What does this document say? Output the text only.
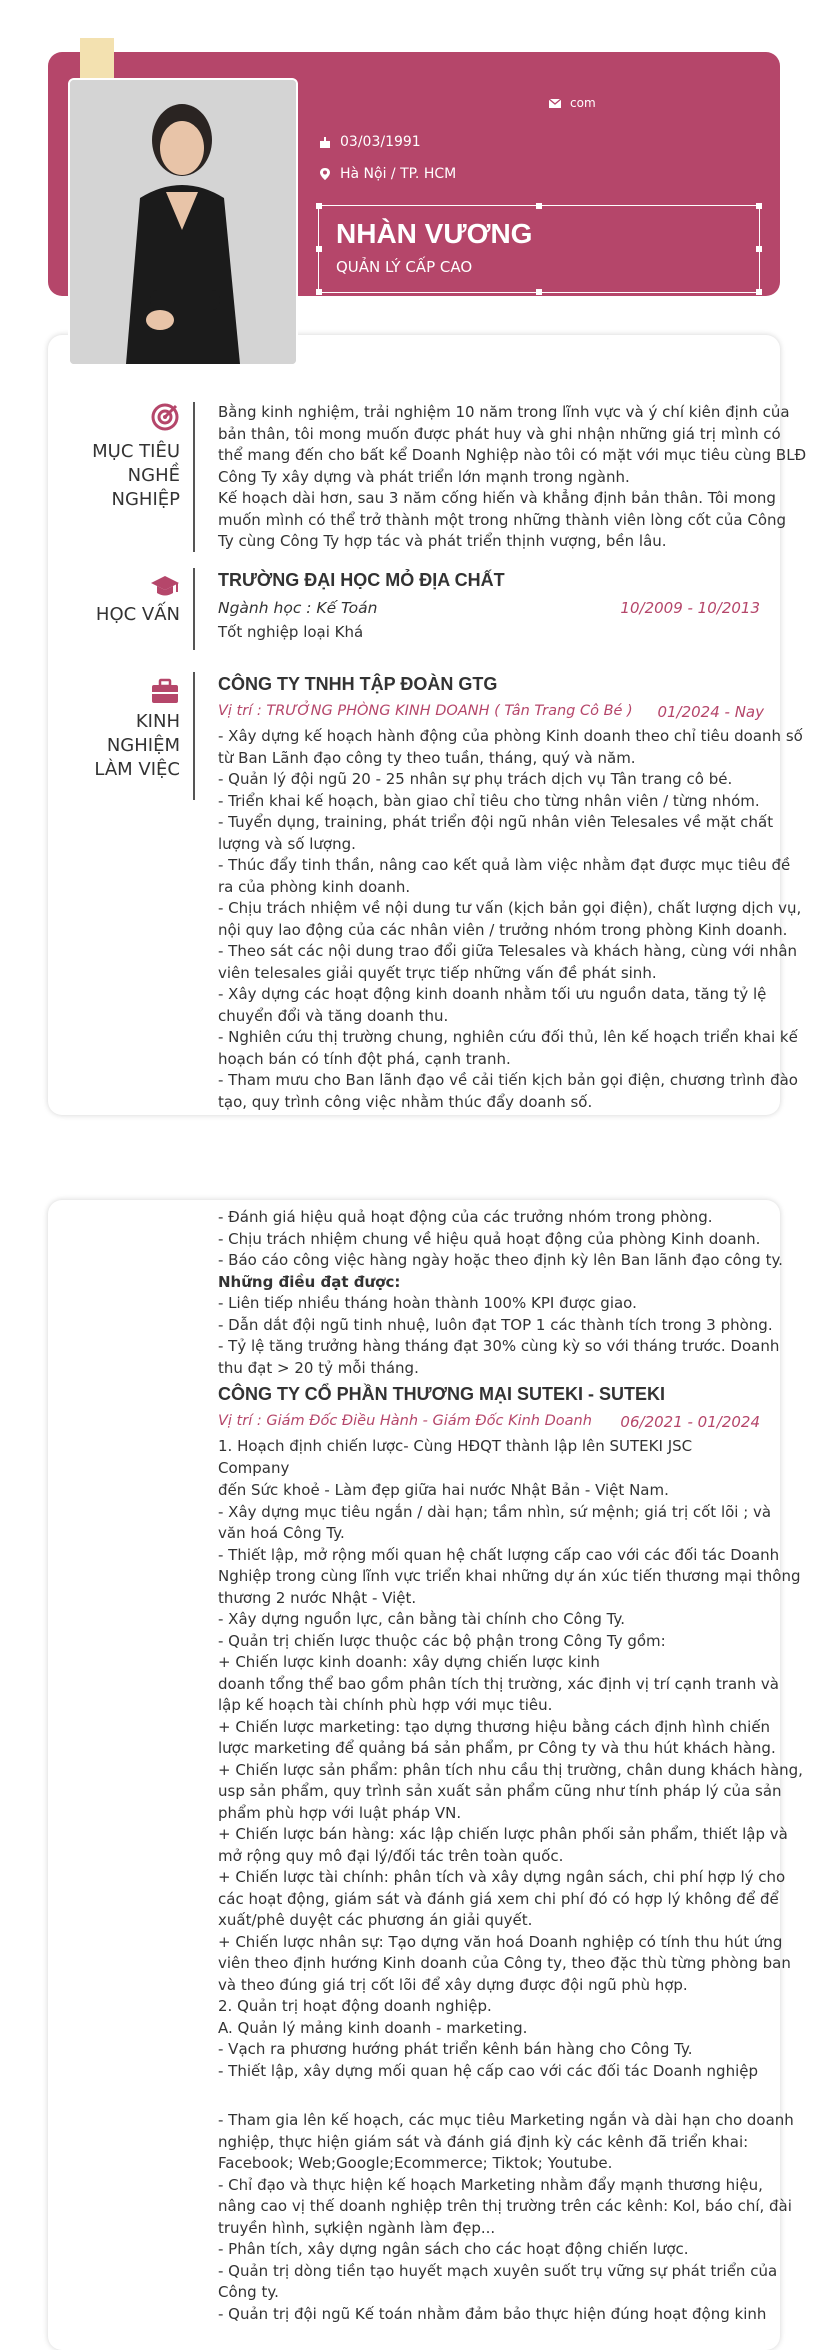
com
03/03/1991
Hà Nội / TP. HCM
NHÀN VƯƠNG
QUẢN LÝ CẤP CAO
MỤC TIÊU
NGHỀ
NGHIỆP
Bằng kinh nghiệm, trải nghiệm 10 năm trong lĩnh vực và ý chí kiên định của
bản thân, tôi mong muốn được phát huy và ghi nhận những giá trị mình có
thể mang đến cho bất kể Doanh Nghiệp nào tôi có mặt với mục tiêu cùng BLĐ
Công Ty xây dựng và phát triển lớn mạnh trong ngành.
Kế hoạch dài hơn, sau 3 năm cống hiến và khẳng định bản thân. Tôi mong
muốn mình có thể trở thành một trong những thành viên lòng cốt của Công
Ty cùng Công Ty hợp tác và phát triển thịnh vượng, bền lâu.
HỌC VẤN
TRƯỜNG ĐẠI HỌC MỎ ĐỊA CHẤT
Ngành học : Kế Toán	10/2009 - 10/2013
Tốt nghiệp loại Khá
KINH
NGHIỆM
LÀM VIỆC
CÔNG TY TNHH TẬP ĐOÀN GTG
Vị trí : TRƯỞNG PHÒNG KINH DOANH ( Tân Trang Cô Bé ) 01/2024 - Nay
- Xây dựng kế hoạch hành động của phòng Kinh doanh theo chỉ tiêu doanh số
từ Ban Lãnh đạo công ty theo tuần, tháng, quý và năm.
- Quản lý đội ngũ 20 - 25 nhân sự phụ trách dịch vụ Tân trang cô bé.
- Triển khai kế hoạch, bàn giao chỉ tiêu cho từng nhân viên / từng nhóm.
- Tuyển dụng, training, phát triển đội ngũ nhân viên Telesales về mặt chất
lượng và số lượng.
- Thúc đẩy tinh thần, nâng cao kết quả làm việc nhằm đạt được mục tiêu đề
ra của phòng kinh doanh.
- Chịu trách nhiệm về nội dung tư vấn (kịch bản gọi điện), chất lượng dịch vụ,
nội quy lao động của các nhân viên / trưởng nhóm trong phòng Kinh doanh.
- Theo sát các nội dung trao đổi giữa Telesales và khách hàng, cùng với nhân
viên telesales giải quyết trực tiếp những vấn đề phát sinh.
- Xây dựng các hoạt động kinh doanh nhằm tối ưu nguồn data, tăng tỷ lệ
chuyển đổi và tăng doanh thu.
- Nghiên cứu thị trường chung, nghiên cứu đối thủ, lên kế hoạch triển khai kế
hoạch bán có tính đột phá, cạnh tranh.
- Tham mưu cho Ban lãnh đạo về cải tiến kịch bản gọi điện, chương trình đào
tạo, quy trình công việc nhằm thúc đẩy doanh số.
- Đánh giá hiệu quả hoạt động của các trưởng nhóm trong phòng.
- Chịu trách nhiệm chung về hiệu quả hoạt động của phòng Kinh doanh.
- Báo cáo công việc hàng ngày hoặc theo định kỳ lên Ban lãnh đạo công ty.
Những điều đạt được:
- Liên tiếp nhiều tháng hoàn thành 100% KPI được giao.
- Dẫn dắt đội ngũ tinh nhuệ, luôn đạt TOP 1 các thành tích trong 3 phòng.
- Tỷ lệ tăng trưởng hàng tháng đạt 30% cùng kỳ so với tháng trước. Doanh
thu đạt > 20 tỷ mỗi tháng.
CÔNG TY CỔ PHẦN THƯƠNG MẠI SUTEKI - SUTEKI
Vị trí : Giám Đốc Điều Hành - Giám Đốc Kinh Doanh 06/2021 - 01/2024
1. Hoạch định chiến lược- Cùng HĐQT thành lập lên SUTEKI JSC Company
đến Sức khoẻ - Làm đẹp giữa hai nước Nhật Bản - Việt Nam.
- Xây dựng mục tiêu ngắn / dài hạn; tầm nhìn, sứ mệnh; giá trị cốt lõi ; và
văn hoá Công Ty.
- Thiết lập, mở rộng mối quan hệ chất lượng cấp cao với các đối tác Doanh
Nghiệp trong cùng lĩnh vực triển khai những dự án xúc tiến thương mại thông
thương 2 nước Nhật - Việt.
- Xây dựng nguồn lực, cân bằng tài chính cho Công Ty.
- Quản trị chiến lược thuộc các bộ phận trong Công Ty gồm:
+ Chiến lược kinh doanh: xây dựng chiến lược kinh
doanh tổng thể bao gồm phân tích thị trường, xác định vị trí cạnh tranh và
lập kế hoạch tài chính phù hợp với mục tiêu.
+ Chiến lược marketing: tạo dựng thương hiệu bằng cách định hình chiến
lược marketing để quảng bá sản phẩm, pr Công ty và thu hút khách hàng.
+ Chiến lược sản phẩm: phân tích nhu cầu thị trường, chân dung khách hàng,
usp sản phẩm, quy trình sản xuất sản phẩm cũng như tính pháp lý của sản
phẩm phù hợp với luật pháp VN.
+ Chiến lược bán hàng: xác lập chiến lược phân phối sản phẩm, thiết lập và
mở rộng quy mô đại lý/đối tác trên toàn quốc.
+ Chiến lược tài chính: phân tích và xây dựng ngân sách, chi phí hợp lý cho
các hoạt động, giám sát và đánh giá xem chi phí đó có hợp lý không để để
xuất/phê duyệt các phương án giải quyết.
+ Chiến lược nhân sự: Tạo dựng văn hoá Doanh nghiệp có tính thu hút ứng
viên theo định hướng Kinh doanh của Công ty, theo đặc thù từng phòng ban
và theo đúng giá trị cốt lõi để xây dựng được đội ngũ phù hợp.
2. Quản trị hoạt động doanh nghiệp.
A. Quản lý mảng kinh doanh - marketing.
- Vạch ra phương hướng phát triển kênh bán hàng cho Công Ty.
- Thiết lập, xây dựng mối quan hệ cấp cao với các đối tác Doanh nghiệp
- Tham gia lên kế hoạch, các mục tiêu Marketing ngắn và dài hạn cho doanh
nghiệp, thực hiện giám sát và đánh giá định kỳ các kênh đã triển khai:
Facebook; Web;Google;Ecommerce; Tiktok; Youtube.
- Chỉ đạo và thực hiện kế hoạch Marketing nhằm đẩy mạnh thương hiệu,
nâng cao vị thế doanh nghiệp trên thị trường trên các kênh: Kol, báo chí, đài
truyền hình, sựkiện ngành làm đẹp...
- Phân tích, xây dựng ngân sách cho các hoạt động chiến lược.
- Quản trị dòng tiền tạo huyết mạch xuyên suốt trụ vững sự phát triển của
Công ty.
- Quản trị đội ngũ Kế toán nhằm đảm bảo thực hiện đúng hoạt động kinh
